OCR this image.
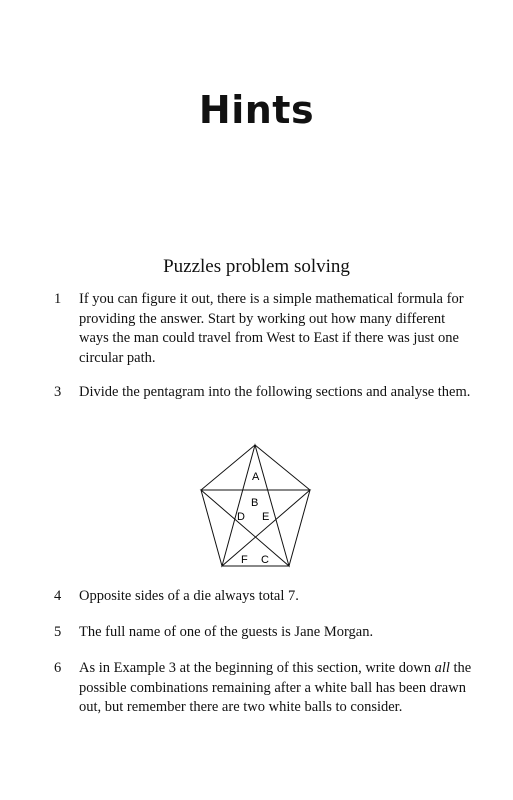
Hints
Puzzles problem solving
1	If you can figure it out, there is a simple mathematical formula for providing the answer. Start by working out how many different ways the man could travel from West to East if there was just one circular path.
3	Divide the pentagram into the following sections and analyse them.
A
B
D E
F C
4	Opposite sides of a die always total 7.
5	The full name of one of the guests is Jane Morgan.
6	As in Example 3 at the beginning of this section, write down all the possible combinations remaining after a white ball has been drawn out, but remember there are two white balls to consider.
